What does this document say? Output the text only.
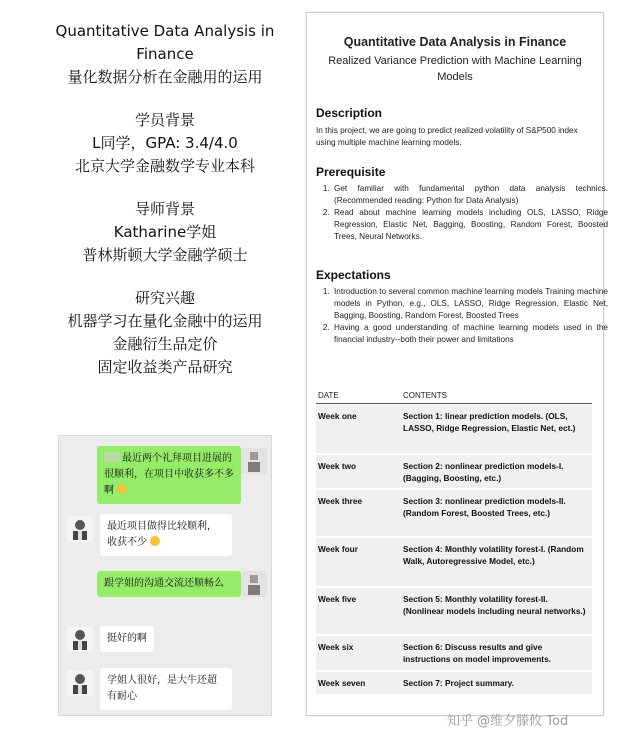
Quantitative Data Analysis in
Finance
量化数据分析在金融用的运用
学员背景
L同学，GPA: 3.4/4.0
北京大学金融数学专业本科
导师背景
Katharine学姐
普林斯顿大学金融学硕士
研究兴趣
机器学习在量化金融中的运用
金融衍生品定价
固定收益类产品研究
最近两个礼拜项目进展的很顺利，在项目中收获多不多啊
最近项目做得比较顺利，收获不少
跟学姐的沟通交流还顺畅么
挺好的啊
学姐人很好，是大牛还超有耐心
Quantitative Data Analysis in Finance
Realized Variance Prediction with Machine Learning Models
Description
In this project, we are going to predict realized volatility of S&P500 index using multiple machine learning models.
Prerequisite
1. Get familiar with fundamental python data analysis technics. (Recommended reading: Python for Data Analysis)
2. Read about machine learning models including OLS, LASSO, Ridge Regression, Elastic Net, Bagging, Boosting, Random Forest, Boosted Trees, Neural Networks.
Expectations
1. Introduction to several common machine learning models Training machine models in Python, e.g., OLS, LASSO, Ridge Regression, Elastic Net, Bagging, Boosting, Random Forest, Boosted Trees
2. Having a good understanding of machine learning models used in the financial industry--both their power and limitations
DATE	CONTENTS
Week one	Section 1: linear prediction models. (OLS, LASSO, Ridge Regression, Elastic Net, ect.)
Week two	Section 2: nonlinear prediction models-I. (Bagging, Boosting, etc.)
Week three	Section 3: nonlinear prediction models-II. (Random Forest, Boosted Trees, etc.)
Week four	Section 4: Monthly volatility forest-I. (Random Walk, Autoregressive Model, etc.)
Week five	Section 5: Monthly volatility forest-II. (Nonlinear models including neural networks.)
Week six	Section 6: Discuss results and give instructions on model improvements.
Week seven	Section 7: Project summary.
知乎 @维夕滕攸 Tod
